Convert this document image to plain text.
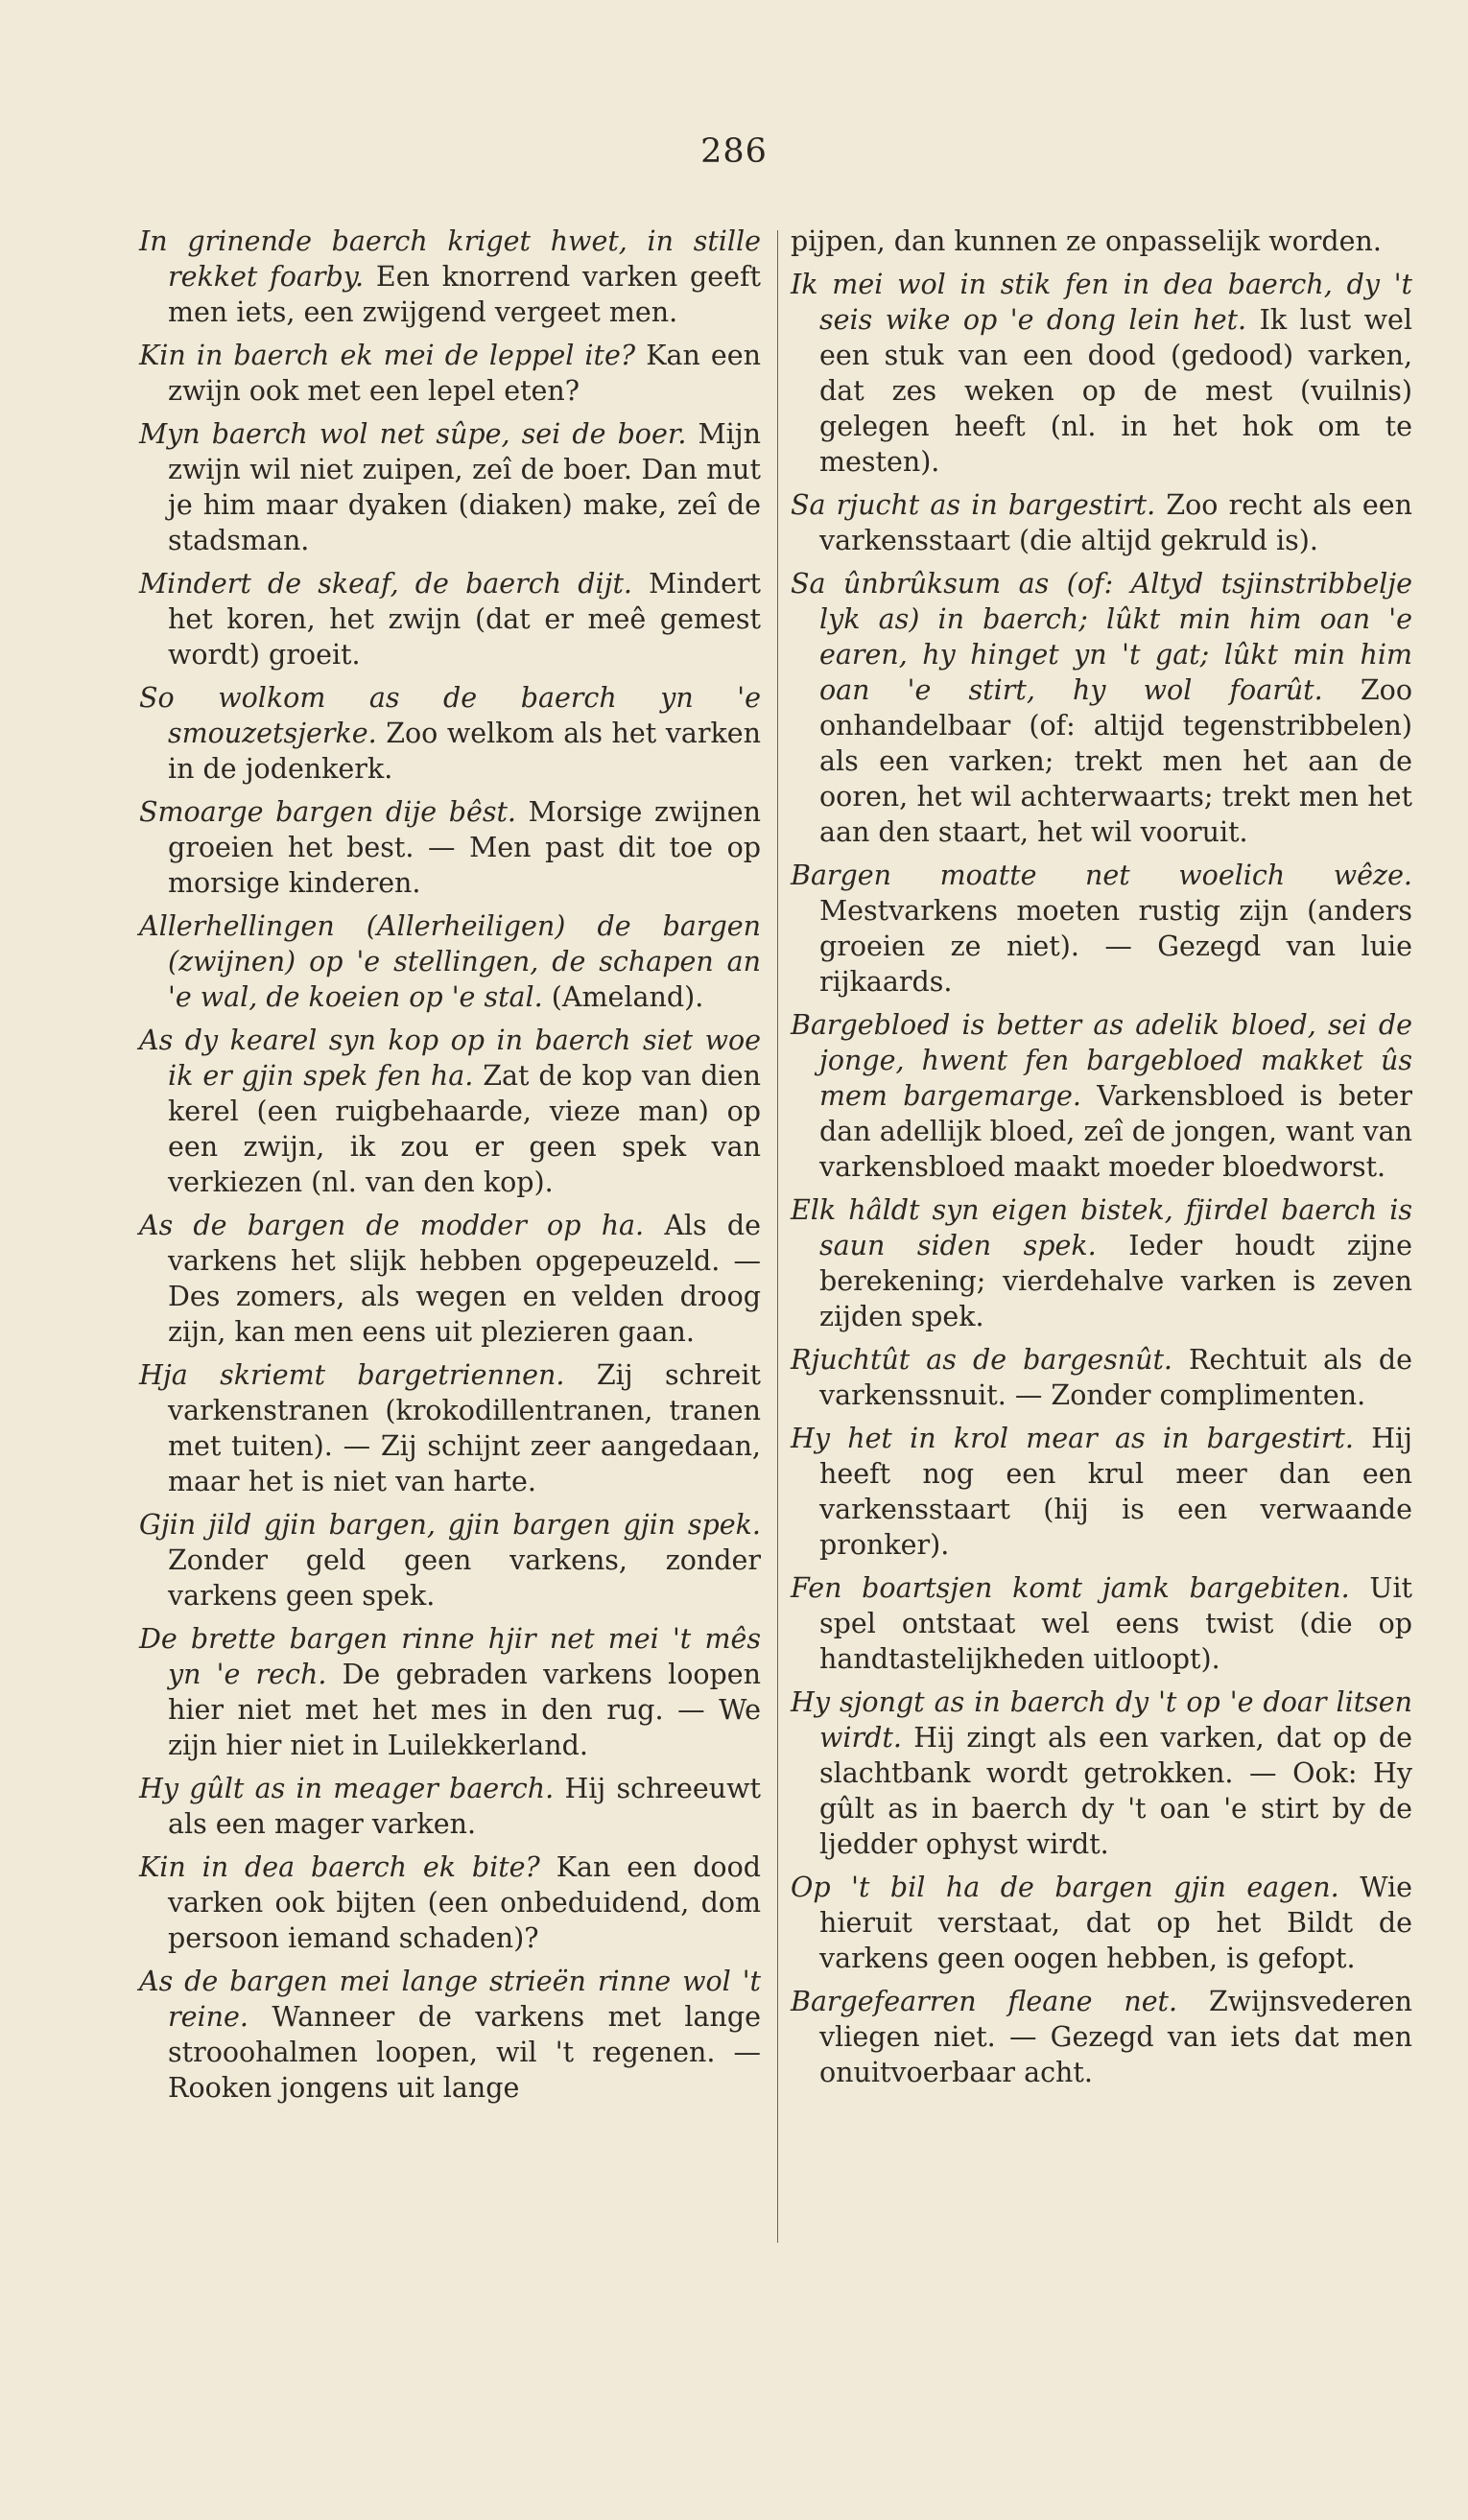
286

In grinende baerch kriget hwet, in stille rekket foarby. Een knorrend varken geeft men iets, een zwijgend vergeet men.

Kin in baerch ek mei de leppel ite? Kan een zwijn ook met een lepel eten?

Myn baerch wol net sûpe, sei de boer. Mijn zwijn wil niet zuipen, zeî de boer. Dan mut je him maar dyaken (diaken) make, zeî de stadsman.

Mindert de skeaf, de baerch dijt. Mindert het koren, het zwijn (dat er meê gemest wordt) groeit.

So wolkom as de baerch yn 'e smouzetsjerke. Zoo welkom als het varken in de jodenkerk.

Smoarge bargen dije bêst. Morsige zwijnen groeien het best. — Men past dit toe op morsige kinderen.

Allerhellingen (Allerheiligen) de bargen (zwijnen) op 'e stellingen, de schapen an 'e wal, de koeien op 'e stal. (Ameland).

As dy kearel syn kop op in baerch siet woe ik er gjin spek fen ha. Zat de kop van dien kerel (een ruigbehaarde, vieze man) op een zwijn, ik zou er geen spek van verkiezen (nl. van den kop).

As de bargen de modder op ha. Als de varkens het slijk hebben opgepeuzeld. — Des zomers, als wegen en velden droog zijn, kan men eens uit plezieren gaan.

Hja skriemt bargetriennen. Zij schreit varkenstranen (krokodillentranen, tranen met tuiten). — Zij schijnt zeer aangedaan, maar het is niet van harte.

Gjin jild gjin bargen, gjin bargen gjin spek. Zonder geld geen varkens, zonder varkens geen spek.

De brette bargen rinne hjir net mei 't mês yn 'e rech. De gebraden varkens loopen hier niet met het mes in den rug. — We zijn hier niet in Luilekkerland.

Hy gûlt as in meager baerch. Hij schreeuwt als een mager varken.

Kin in dea baerch ek bite? Kan een dood varken ook bijten (een onbeduidend, dom persoon iemand schaden)?

As de bargen mei lange strieën rinne wol 't reine. Wanneer de varkens met lange strooohalmen loopen, wil 't regenen. — Rooken jongens uit lange

pijpen, dan kunnen ze onpasselijk worden.

Ik mei wol in stik fen in dea baerch, dy 't seis wike op 'e dong lein het. Ik lust wel een stuk van een dood (gedood) varken, dat zes weken op de mest (vuilnis) gelegen heeft (nl. in het hok om te mesten).

Sa rjucht as in bargestirt. Zoo recht als een varkensstaart (die altijd gekruld is).

Sa ûnbrûksum as (of: Altyd tsjinstribbelje lyk as) in baerch; lûkt min him oan 'e earen, hy hinget yn 't gat; lûkt min him oan 'e stirt, hy wol foarût. Zoo onhandelbaar (of: altijd tegenstribbelen) als een varken; trekt men het aan de ooren, het wil achterwaarts; trekt men het aan den staart, het wil vooruit.

Bargen moatte net woelich wêze. Mestvarkens moeten rustig zijn (anders groeien ze niet). — Gezegd van luie rijkaards.

Bargebloed is better as adelik bloed, sei de jonge, hwent fen bargebloed makket ûs mem bargemarge. Varkensbloed is beter dan adellijk bloed, zeî de jongen, want van varkensbloed maakt moeder bloedworst.

Elk hâldt syn eigen bistek, fjirdel baerch is saun siden spek. Ieder houdt zijne berekening; vierdehalve varken is zeven zijden spek.

Rjuchtût as de bargesnût. Rechtuit als de varkenssnuit. — Zonder complimenten.

Hy het in krol mear as in bargestirt. Hij heeft nog een krul meer dan een varkensstaart (hij is een verwaande pronker).

Fen boartsjen komt jamk bargebiten. Uit spel ontstaat wel eens twist (die op handtastelijkheden uitloopt).

Hy sjongt as in baerch dy 't op 'e doar litsen wirdt. Hij zingt als een varken, dat op de slachtbank wordt getrokken. — Ook: Hy gûlt as in baerch dy 't oan 'e stirt by de ljedder ophyst wirdt.

Op 't bil ha de bargen gjin eagen. Wie hieruit verstaat, dat op het Bildt de varkens geen oogen hebben, is gefopt.

Bargefearren fleane net. Zwijnsvederen vliegen niet. — Gezegd van iets dat men onuitvoerbaar acht.
